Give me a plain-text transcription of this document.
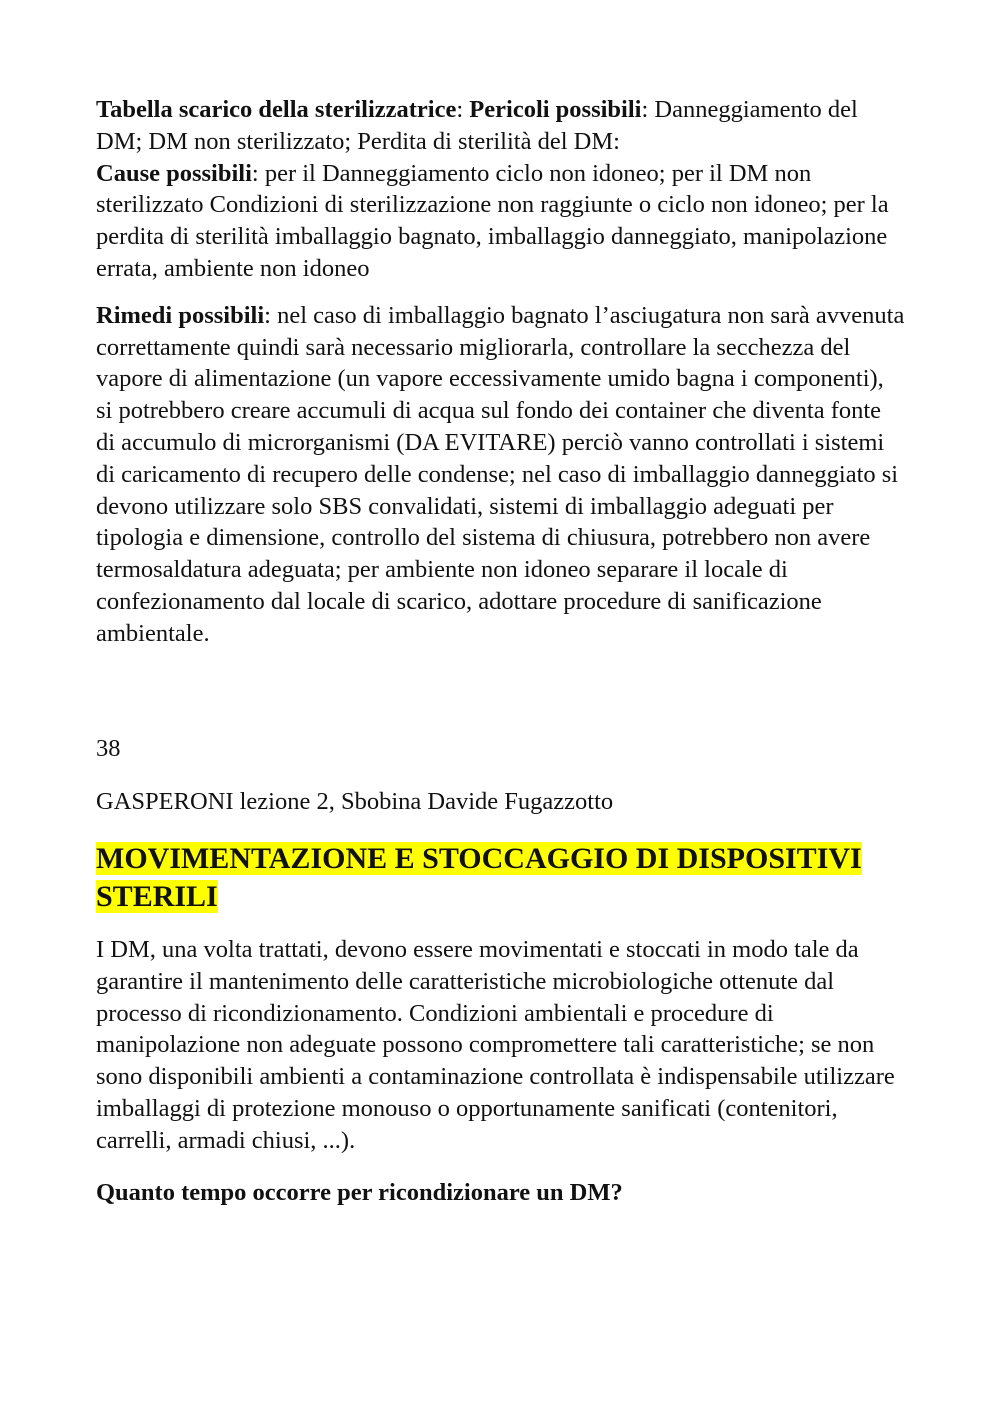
Tabella scarico della sterilizzatrice: Pericoli possibili: Danneggiamento del DM; DM non sterilizzato; Perdita di sterilità del DM:

Cause possibili: per il Danneggiamento ciclo non idoneo; per il DM non sterilizzato Condizioni di sterilizzazione non raggiunte o ciclo non idoneo; per la perdita di sterilità imballaggio bagnato, imballaggio danneggiato, manipolazione errata, ambiente non idoneo

Rimedi possibili: nel caso di imballaggio bagnato l’asciugatura non sarà avvenuta correttamente quindi sarà necessario migliorarla, controllare la secchezza del vapore di alimentazione (un vapore eccessivamente umido bagna i componenti), si potrebbero creare accumuli di acqua sul fondo dei container che diventa fonte di accumulo di microrganismi (DA EVITARE) perciò vanno controllati i sistemi di caricamento di recupero delle condense; nel caso di imballaggio danneggiato si devono utilizzare solo SBS convalidati, sistemi di imballaggio adeguati per tipologia e dimensione, controllo del sistema di chiusura, potrebbero non avere termosaldatura adeguata; per ambiente non idoneo separare il locale di confezionamento dal locale di scarico, adottare procedure di sanificazione ambientale.

38
GASPERONI lezione 2, Sbobina Davide Fugazzotto
MOVIMENTAZIONE E STOCCAGGIO DI DISPOSITIVI STERILI
I DM, una volta trattati, devono essere movimentati e stoccati in modo tale da garantire il mantenimento delle caratteristiche microbiologiche ottenute dal processo di ricondizionamento. Condizioni ambientali e procedure di manipolazione non adeguate possono compromettere tali caratteristiche; se non sono disponibili ambienti a contaminazione controllata è indispensabile utilizzare imballaggi di protezione monouso o opportunamente sanificati (contenitori, carrelli, armadi chiusi, ...).
Quanto tempo occorre per ricondizionare un DM?
